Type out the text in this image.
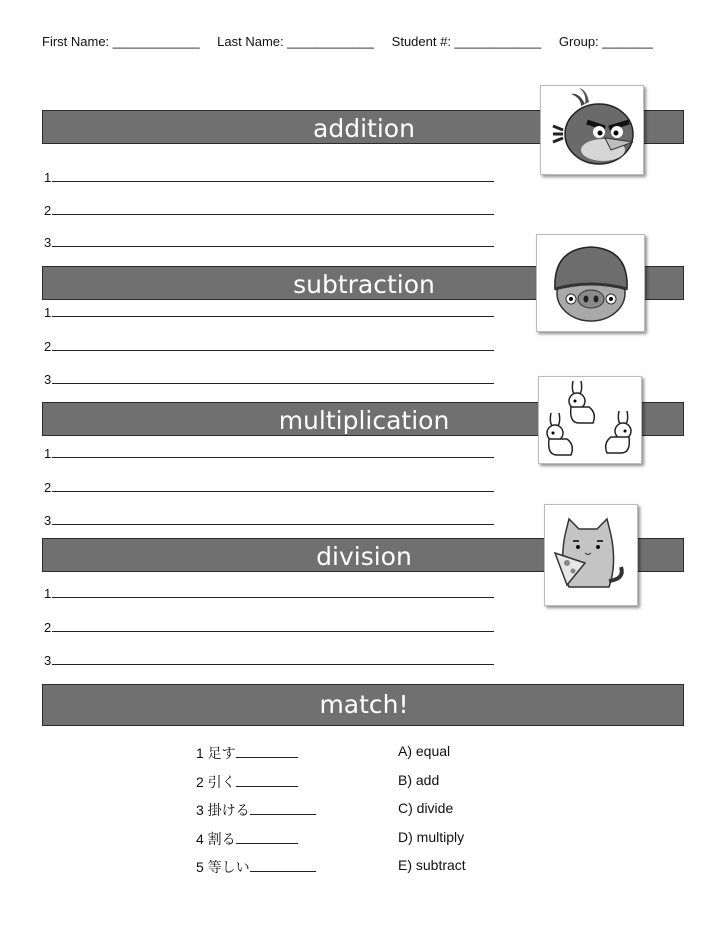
First Name: ____________ Last Name: ____________ Student #: ____________ Group: _______
addition
1
2
3
subtraction
1
2
3
multiplication
1
2
3
division
1
2
3
match!
1 足す
2 引く
3 掛ける
4 割る
5 等しい
A) equal
B) add
C) divide
D) multiply
E) subtract
